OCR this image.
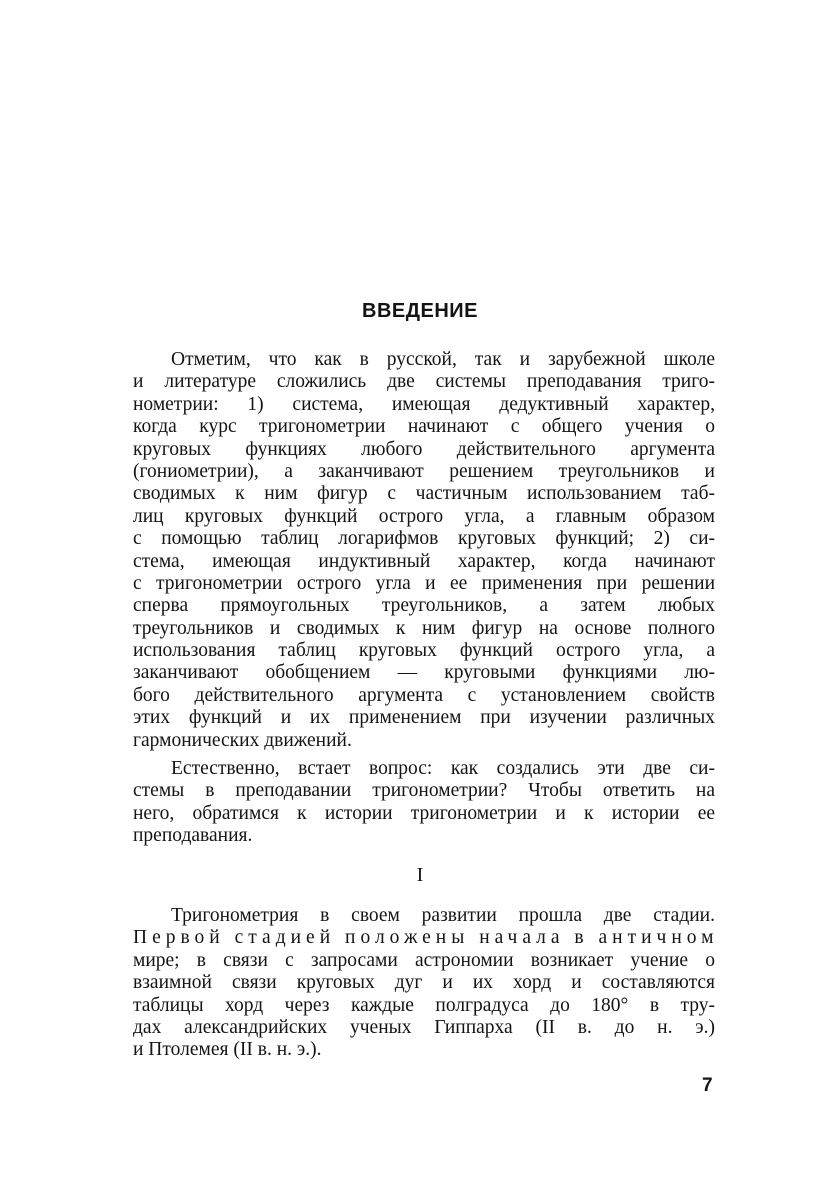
ВВЕДЕНИЕ
Отметим, что как в русской, так и зарубежной школе
и литературе сложились две системы преподавания триго-
нометрии: 1) система, имеющая дедуктивный характер,
когда курс тригонометрии начинают с общего учения о
круговых функциях любого действительного аргумента
(гониометрии), а заканчивают решением треугольников и
сводимых к ним фигур с частичным использованием таб-
лиц круговых функций острого угла, а главным образом
с помощью таблиц логарифмов круговых функций; 2) си-
стема, имеющая индуктивный характер, когда начинают
с тригонометрии острого угла и ее применения при решении
сперва прямоугольных треугольников, а затем любых
треугольников и сводимых к ним фигур на основе полного
использования таблиц круговых функций острого угла, а
заканчивают обобщением — круговыми функциями лю-
бого действительного аргумента с установлением свойств
этих функций и их применением при изучении различных
гармонических движений.
Естественно, встает вопрос: как создались эти две си-
стемы в преподавании тригонометрии? Чтобы ответить на
него, обратимся к истории тригонометрии и к истории ее
преподавания.
I
Тригонометрия в своем развитии прошла две стадии.
Первой стадией положены начала в античном
мире; в связи с запросами астрономии возникает учение о
взаимной связи круговых дуг и их хорд и составляются
таблицы хорд через каждые полградуса до 180° в тру-
дах александрийских ученых Гиппарха (II в. до н. э.)
и Птолемея (II в. н. э.).
7
